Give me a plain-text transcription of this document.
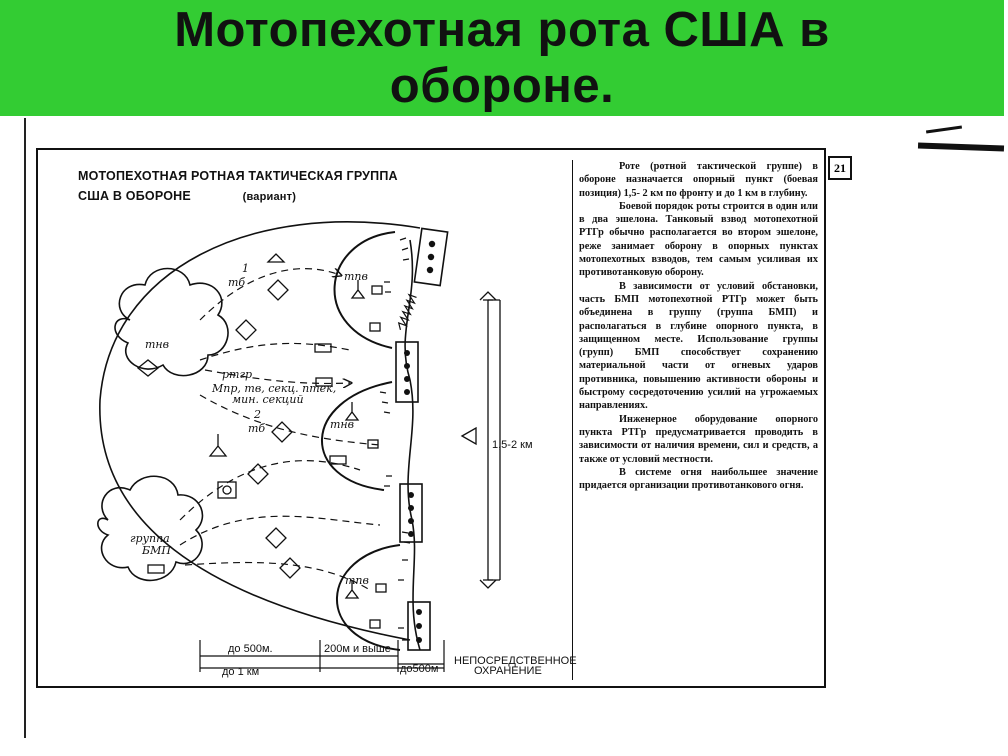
Мотопехотная рота США в
обороне.
21
МОТОПЕХОТНАЯ РОТНАЯ ТАКТИЧЕСКАЯ ГРУППА
США В ОБОРОНЕ	(вариант)

Роте (ротной тактической группе) в обороне назначается опорный пункт (боевая позиция) 1,5- 2 км по фронту и до 1 км в глубину.

Боевой порядок роты строится в один или в два эшелона. Танковый взвод мотопехотной РТГр обычно располагается во втором эшелоне, реже занимает оборону в опорных пунктах мотопехотных взводов, тем самым усиливая их противотанковую оборону.

В зависимости от условий обстановки, часть БМП мотопехотной РТГр может быть объединена в группу (группа БМП) и располагаться в глубине опорного пункта, в защищенном месте. Использование группы (групп) БМП способствует сохранению материальной части от огневых ударов противника, повышению активности обороны и быстрому сосредоточению усилий на угрожаемых направлениях.

Инженерное оборудование опорного пункта РТГр предусматривается проводить в зависимости от наличия времени, сил и средств, а также от условий местности.

В системе огня наибольшее значение придается организации противотанкового огня.

1,5-2 км
до 500м.
до 1 км
200м и выше
до500м
НЕПОСРЕДСТВЕННОЕ
ОХРАНЕНИЕ
1
mб	mпв
mнв
ртгр
Мпр, mв, секц. птек,
мин. секций
2
mб	mнв
группа
БМП
mпв
